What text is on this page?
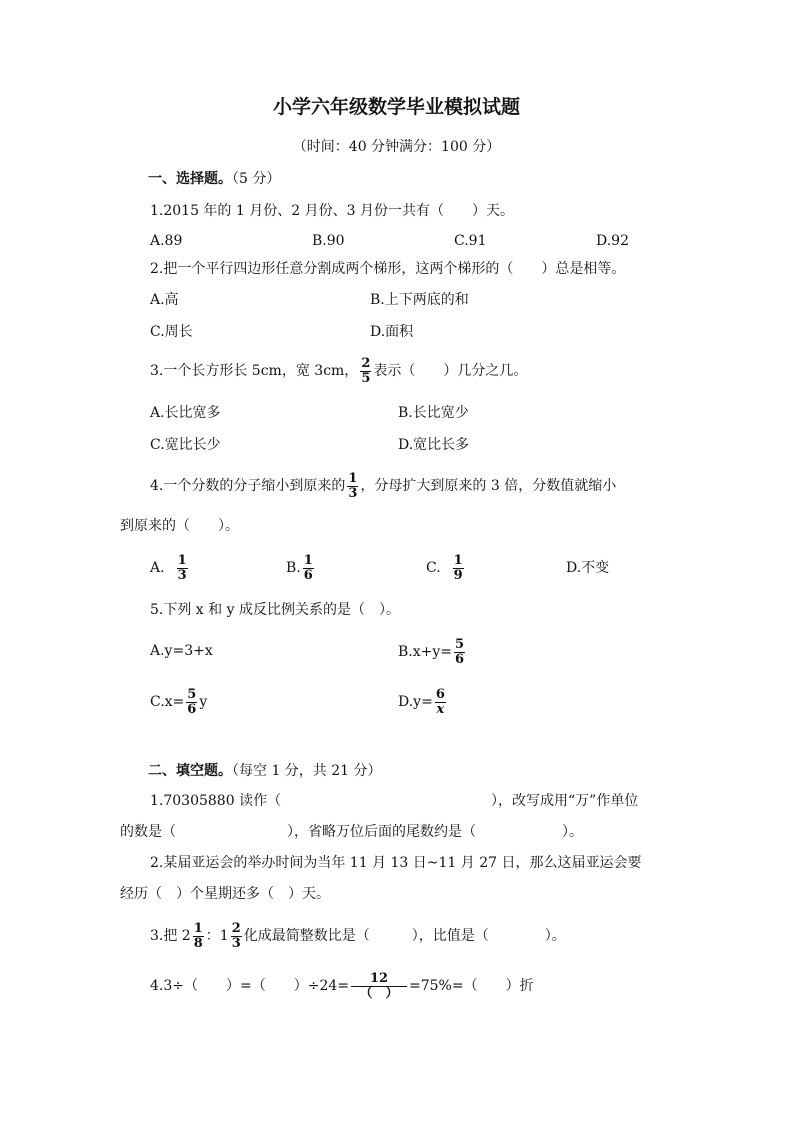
小学六年级数学毕业模拟试题
（时间：40 分钟满分：100 分）
一、选择题。（5 分）
1.2015 年的 1 月份、2 月份、3 月份一共有（　　）天。
A.89	B.90	C.91	D.92
2.把一个平行四边形任意分割成两个梯形，这两个梯形的（　　）总是相等。
A.高	B.上下两底的和
C.周长	D.面积
3.一个长方形长 5cm，宽 3cm， $\frac{2}{5}$ 表示（　　）几分之几。
A.长比宽多	B.长比宽少
C.宽比长少	D.宽比长多
4.一个分数的分子缩小到原来的 $\frac{1}{3}$ ，分母扩大到原来的 3 倍，分数值就缩小
到原来的（　　）。
A. $\frac{1}{3}$	B. $\frac{1}{6}$	C. $\frac{1}{9}$	D.不变
5.下列 x 和 y 成反比例关系的是（　）。
A.y=3+x	$B.x+y= \frac{5}{6}$
$C.x= \frac{5}{6}$ y	$D.y= \frac{6}{x}$
二、填空题。（每空 1 分，共 21 分）
1.70305880 读作（	），改写成用“万”作单位
的数是（	），省略万位后面的尾数约是（	）。
2.某届亚运会的举办时间为当年 11 月 13 日~11 月 27 日，那么这届亚运会要
经历（　）个星期还多（　）天。
3.把 $2 \frac{1}{8}$ ：$1 \frac{2}{3}$ 化成最简整数比是（	），比值是（	）。
4.3÷（　　）=（　　）$\div 24= \frac{12}{( )} =75\%=$（　　）折
